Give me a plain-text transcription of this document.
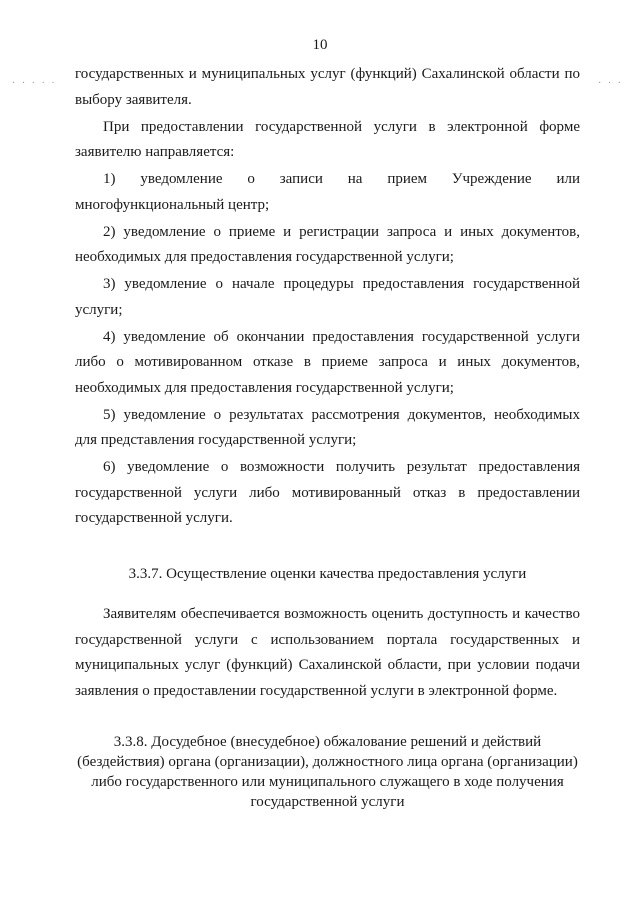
· · · · ·	· · ·
10

государственных и муниципальных услуг (функций) Сахалинской области по выбору заявителя.

При предоставлении государственной услуги в электронной форме заявителю направляется:

1) уведомление о записи на прием Учреждение или многофункциональный центр;

2) уведомление о приеме и регистрации запроса и иных документов, необходимых для предоставления государственной услуги;

3) уведомление о начале процедуры предоставления государственной услуги;

4) уведомление об окончании предоставления государственной услуги либо о мотивированном отказе в приеме запроса и иных документов, необходимых для предоставления государственной услуги;

5) уведомление о результатах рассмотрения документов, необходимых для представления государственной услуги;

6) уведомление о возможности получить результат предоставления государственной услуги либо мотивированный отказ в предоставлении государственной услуги.

3.3.7. Осуществление оценки качества предоставления услуги

Заявителям обеспечивается возможность оценить доступность и качество государственной услуги с использованием портала государственных и муниципальных услуг (функций) Сахалинской области, при условии подачи заявления о предоставлении государственной услуги в электронной форме.

3.3.8. Досудебное (внесудебное) обжалование решений и действий
(бездействия) органа (организации), должностного лица органа (организации)
либо государственного или муниципального служащего в ходе получения
государственной услуги
